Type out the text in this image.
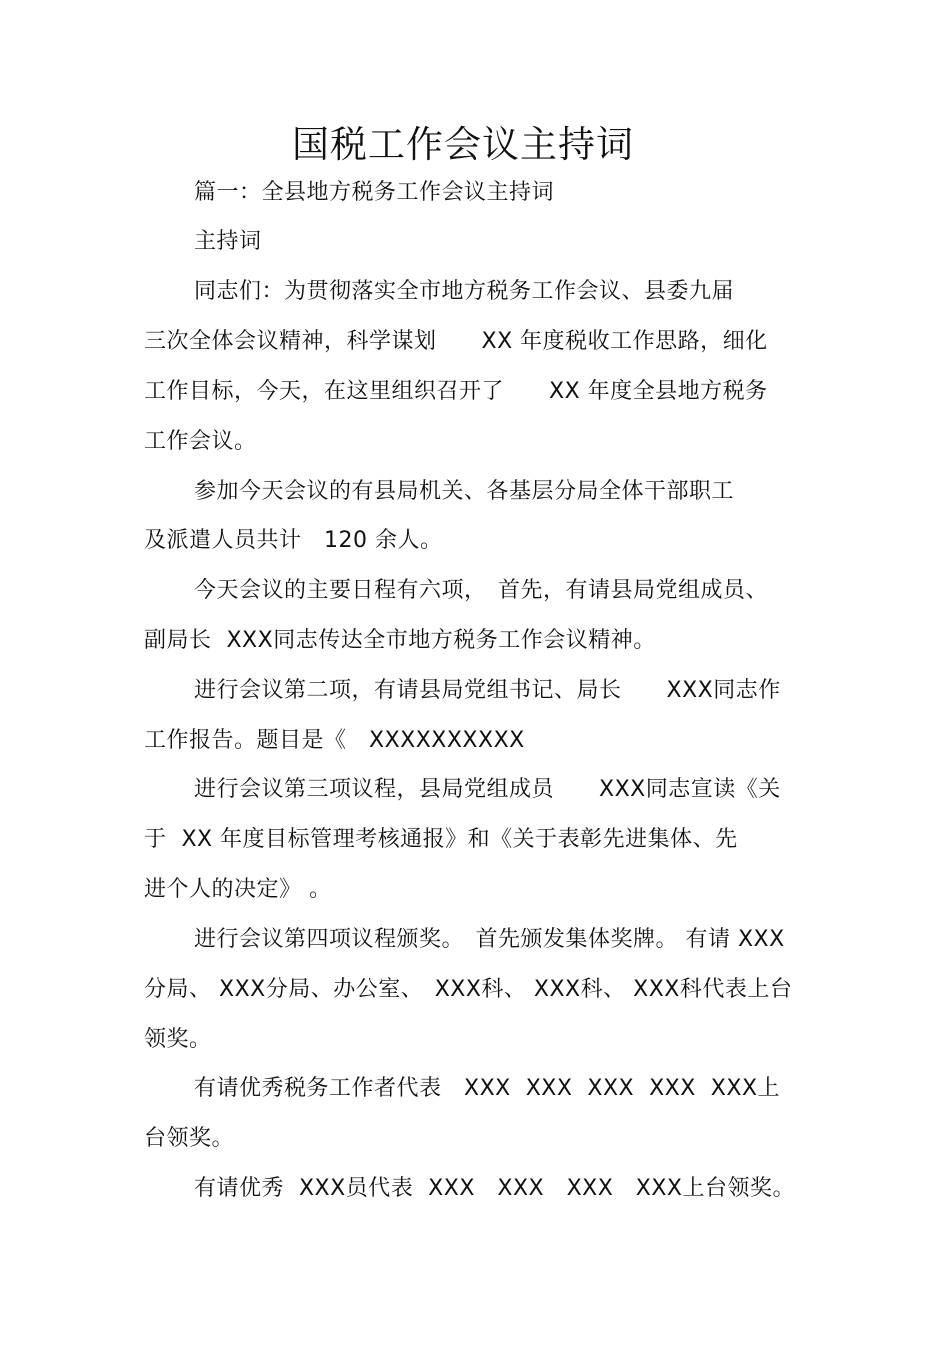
国税工作会议主持词
篇一：全县地方税务工作会议主持词
主持词
同志们：为贯彻落实全市地方税务工作会议、县委九届
三次全体会议精神，科学谋划　　XX 年度税收工作思路，细化
工作目标，今天，在这里组织召开了　　XX 年度全县地方税务
工作会议。
参加今天会议的有县局机关、各基层分局全体干部职工
及派遣人员共计　120 余人。
今天会议的主要日程有六项，　首先，有请县局党组成员、
副局长  XXX同志传达全市地方税务工作会议精神。
进行会议第二项，有请县局党组书记、局长　　XXX同志作
工作报告。题目是《　XXXXXXXXXX
进行会议第三项议程，县局党组成员　　XXX同志宣读《关
于  XX 年度目标管理考核通报》和《关于表彰先进集体、先
进个人的决定》 。
进行会议第四项议程颁奖。　首先颁发集体奖牌。 有请 XXX
分局、 XXX分局、办公室、　XXX科、 XXX科、 XXX科代表上台
领奖。
有请优秀税务工作者代表　XXX  XXX  XXX  XXX  XXX上
台领奖。
有请优秀  XXX员代表  XXX   XXX   XXX   XXX上台领奖。
